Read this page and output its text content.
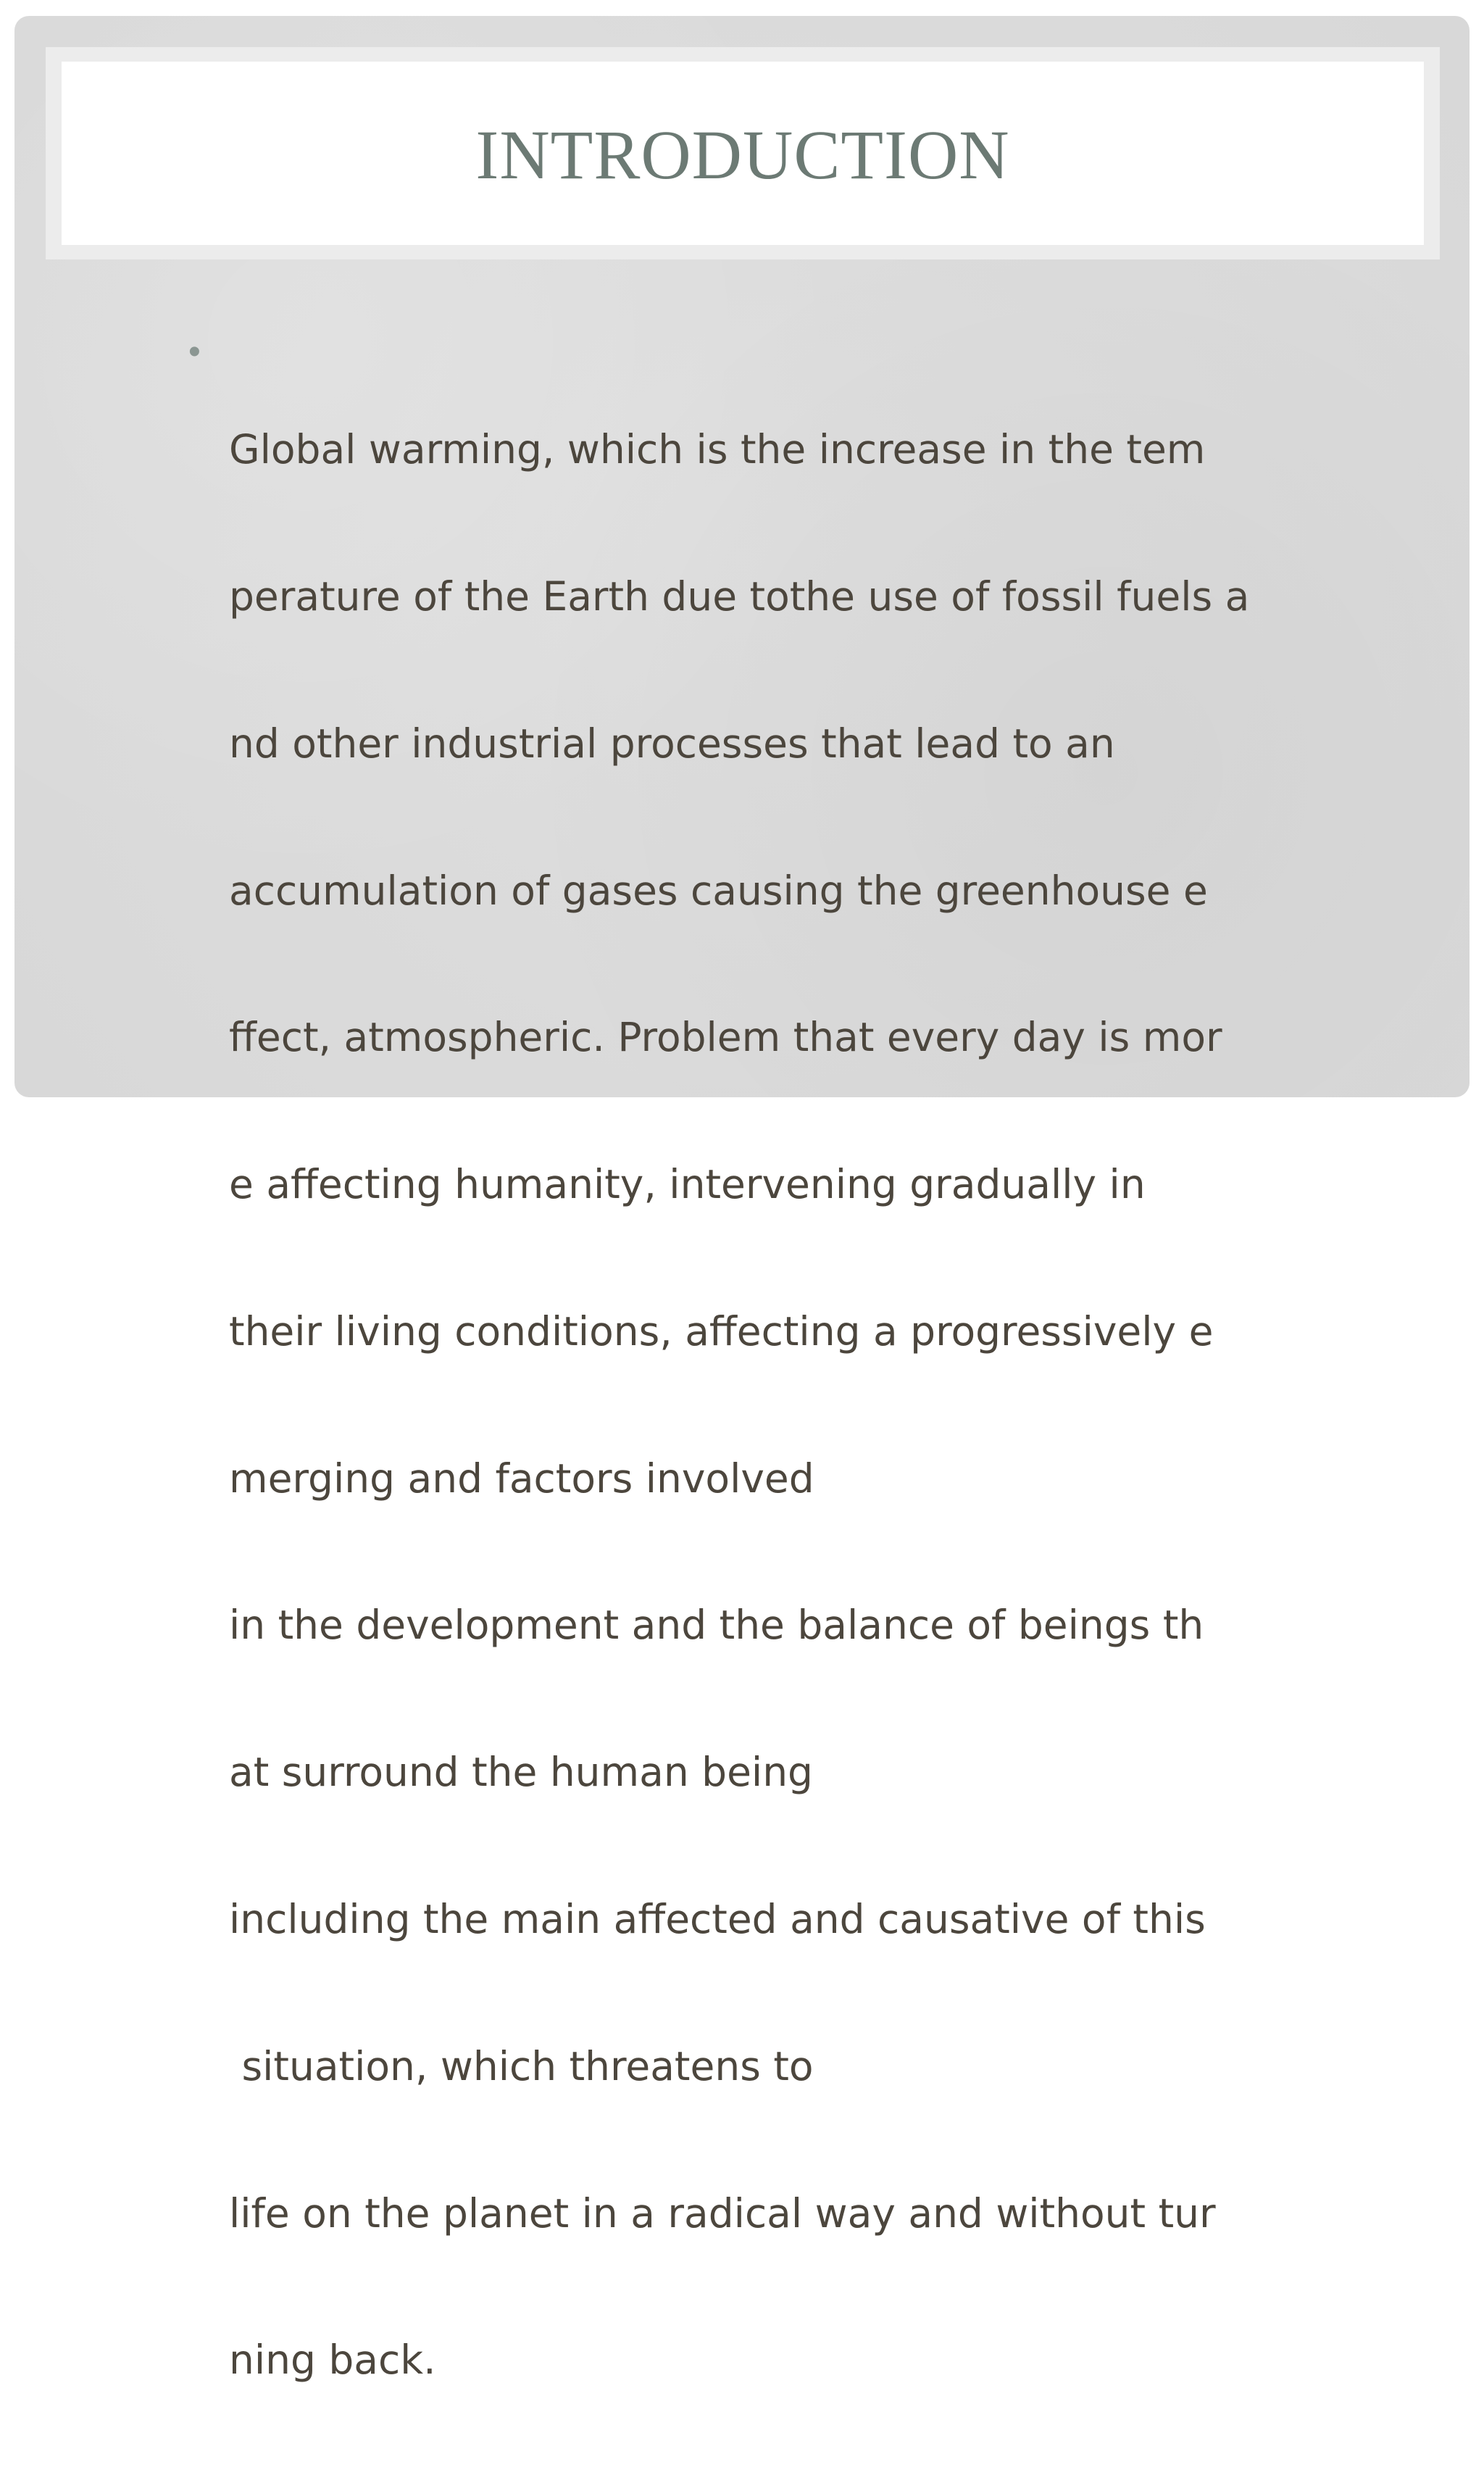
INTRODUCTION
•

Global warming, which is the increase in the tem

perature of the Earth due tothe use of fossil fuels a

nd other industrial processes that lead to an

accumulation of gases causing the greenhouse e

ffect, atmospheric. Problem that every day is mor

e affecting humanity, intervening gradually in

their living conditions, affecting a progressively e

merging and factors involved

in the development and the balance of beings th

at surround the human being

including the main affected and causative of this

situation, which threatens to

life on the planet in a radical way and without tur

ning back.
